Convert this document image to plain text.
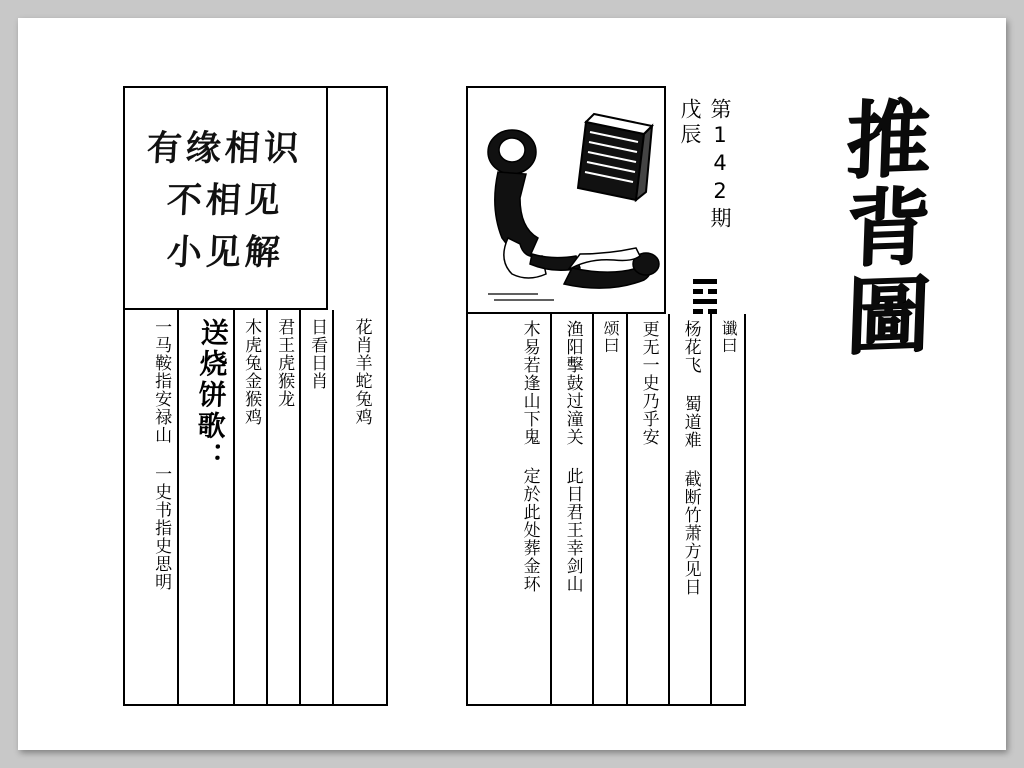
有缘相识
不相见
小见解
花肖羊蛇兔鸡
日看日肖
君王虎猴龙
木虎兔金猴鸡
送烧饼歌：
一马鞍指安禄山 一史书指史思明
第142期 戊辰
谶曰
杨花飞 蜀道难 截断竹萧方见日
更无一史乃乎安
颂曰
渔阳擊鼓过潼关 此日君王幸剑山
木易若逢山下鬼 定於此处葬金环
推
背
圖
